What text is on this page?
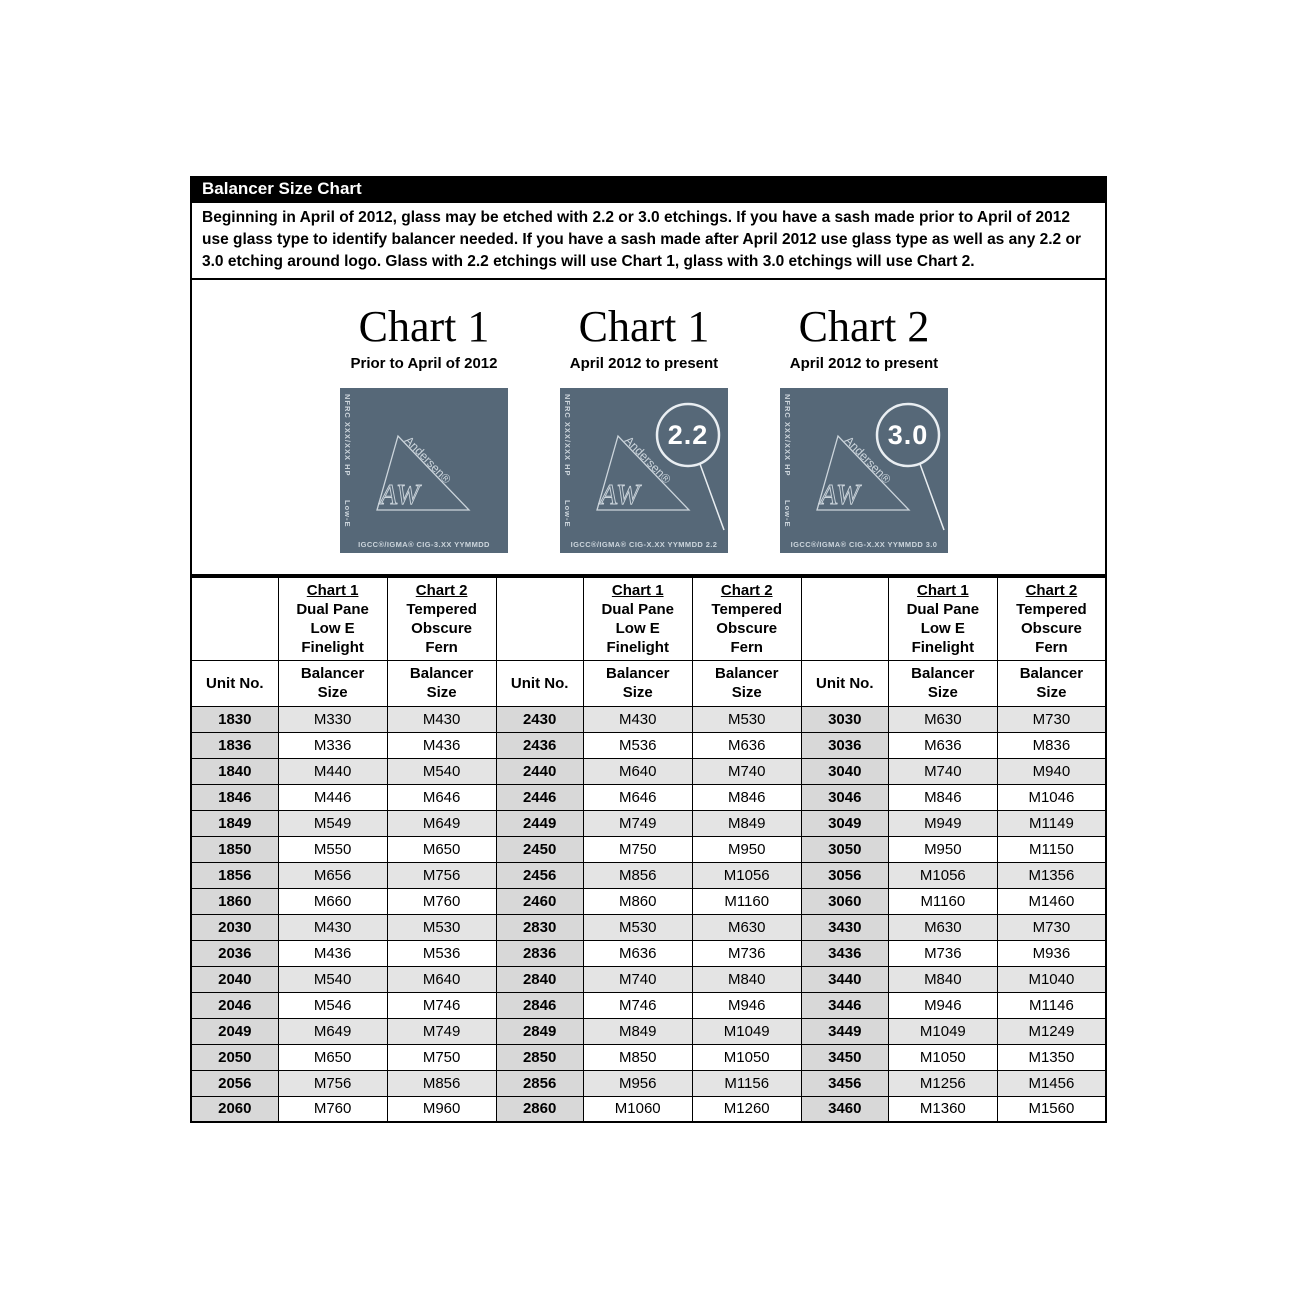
Balancer Size Chart
Beginning in April of 2012, glass may be etched with 2.2 or 3.0 etchings. If you have a sash made prior to April of 2012 use glass type to identify balancer needed. If you have a sash made after April 2012 use glass type as well as any 2.2 or 3.0 etching around logo. Glass with 2.2 etchings will use Chart 1, glass with 3.0 etchings will use Chart 2.
Chart 1
Prior to April of 2012
NFRC XXX/XXX HP
Low-E
Andersen®
AW
IGCC®/IGMA® CIG-3.XX YYMMDD
Chart 1
April 2012 to present
NFRC XXX/XXX HP
Low-E
Andersen®
AW
2.2
IGCC®/IGMA® CIG-X.XX YYMMDD 2.2
Chart 2
April 2012 to present
NFRC XXX/XXX HP
Low-E
Andersen®
AW
3.0
IGCC®/IGMA® CIG-X.XX YYMMDD 3.0

Chart 1
Dual Pane
Low E
Finelight

Chart 2
Tempered
Obscure
Fern

Chart 1
Dual Pane
Low E
Finelight

Chart 2
Tempered
Obscure
Fern

Chart 1
Dual Pane
Low E
Finelight

Chart 2
Tempered
Obscure
Fern

Unit No.	
Balancer
Size

Balancer
Size
	Unit No.	
Balancer
Size

Balancer
Size
	Unit No.	
Balancer
Size

Balancer
Size

1830	M330	M430	2430	M430	M530	3030	M630	M730
1836	M336	M436	2436	M536	M636	3036	M636	M836
1840	M440	M540	2440	M640	M740	3040	M740	M940
1846	M446	M646	2446	M646	M846	3046	M846	M1046
1849	M549	M649	2449	M749	M849	3049	M949	M1149
1850	M550	M650	2450	M750	M950	3050	M950	M1150
1856	M656	M756	2456	M856	M1056	3056	M1056	M1356
1860	M660	M760	2460	M860	M1160	3060	M1160	M1460
2030	M430	M530	2830	M530	M630	3430	M630	M730
2036	M436	M536	2836	M636	M736	3436	M736	M936
2040	M540	M640	2840	M740	M840	3440	M840	M1040
2046	M546	M746	2846	M746	M946	3446	M946	M1146
2049	M649	M749	2849	M849	M1049	3449	M1049	M1249
2050	M650	M750	2850	M850	M1050	3450	M1050	M1350
2056	M756	M856	2856	M956	M1156	3456	M1256	M1456
2060	M760	M960	2860	M1060	M1260	3460	M1360	M1560
